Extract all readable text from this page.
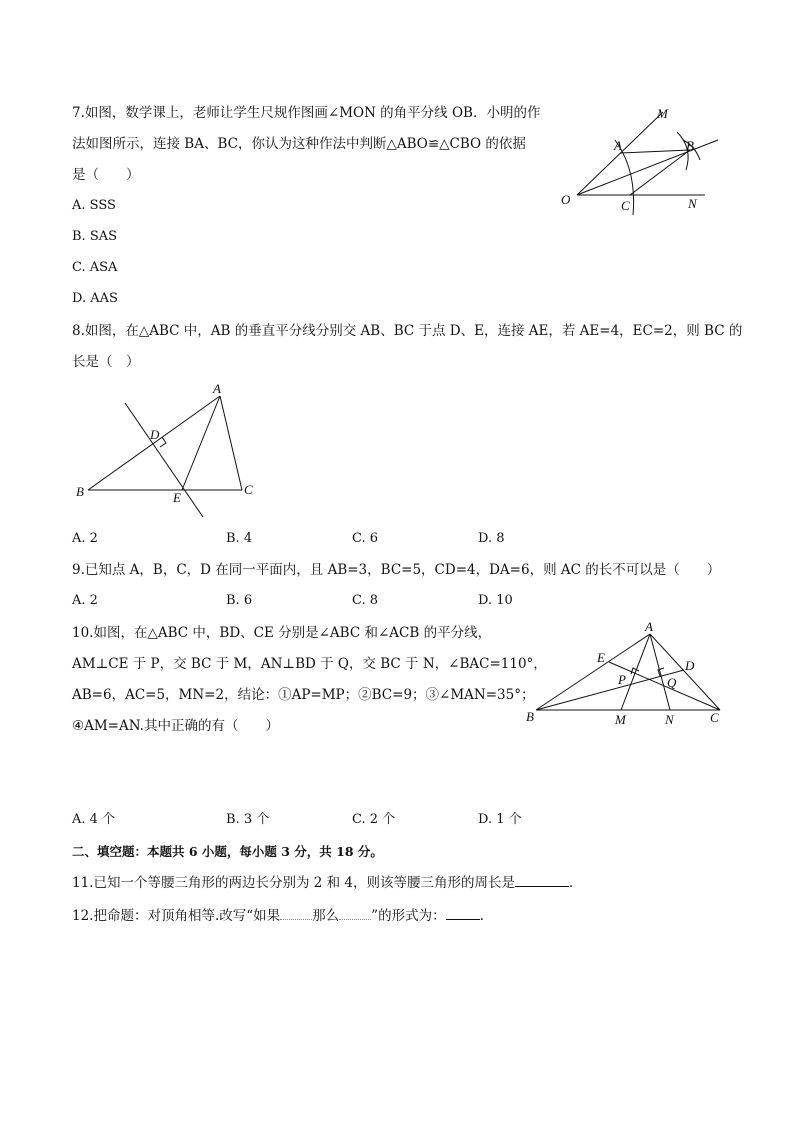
7.如图，数学课上，老师让学生尺规作图画∠MON 的角平分线 OB．小明的作
法如图所示，连接 BA、BC，你认为这种作法中判断△ABO≌△CBO 的依据
是（　　）
A. SSS
B. SAS
C. ASA
D. AAS
M
A	B
O	C	N
8.如图，在△ABC 中，AB 的垂直平分线分别交 AB、BC 于点 D、E，连接 AE，若 AE=4，EC=2，则 BC 的
长是（　）
A
D
B	E
C
A. 2	B. 4	C. 6	D. 8
9.已知点 A，B，C，D 在同一平面内，且 AB=3，BC=5，CD=4，DA=6，则 AC 的长不可以是（　　）
A. 2	B. 6	C. 8	D. 10
10.如图，在△ABC 中，BD、CE 分别是∠ABC 和∠ACB 的平分线，
AM⊥CE 于 P，交 BC 于 M，AN⊥BD 于 Q，交 BC 于 N，∠BAC=110°，
AB=6，AC=5，MN=2，结论：①AP=MP；②BC=9；③∠MAN=35°；
④AM=AN.其中正确的有（　　）
A
E
D
P	Q
B	M	N	C
A. 4 个	B. 3 个	C. 2 个	D. 1 个
二、填空题：本题共 6 小题，每小题 3 分，共 18 分。
11.已知一个等腰三角形的两边长分别为 2 和 4，则该等腰三角形的周长是	．
12.把命题：对顶角相等.改写“如果 那么 ”的形式为：	.
